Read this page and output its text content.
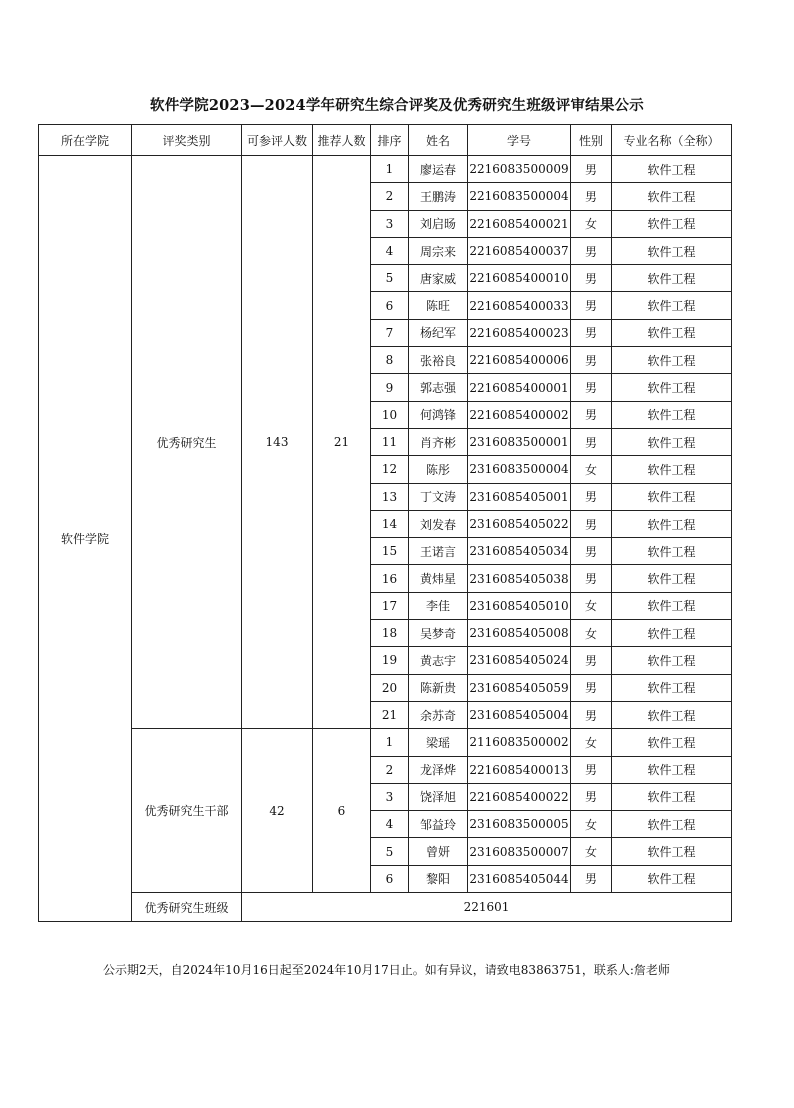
软件学院2023—2024学年研究生综合评奖及优秀研究生班级评审结果公示
所在学院	评奖类别	可参评人数	推荐人数	排序	姓名	学号	性别	专业名称（全称）
软件学院	优秀研究生	143	21	1	廖运春	2216083500009	男	软件工程
				2	王鹏涛	2216083500004	男	软件工程
				3	刘启旸	2216085400021	女	软件工程
				4	周宗来	2216085400037	男	软件工程
				5	唐家威	2216085400010	男	软件工程
				6	陈旺	2216085400033	男	软件工程
				7	杨纪军	2216085400023	男	软件工程
				8	张裕良	2216085400006	男	软件工程
				9	郭志强	2216085400001	男	软件工程
				10	何鸿锋	2216085400002	男	软件工程
				11	肖齐彬	2316083500001	男	软件工程
				12	陈彤	2316083500004	女	软件工程
				13	丁文涛	2316085405001	男	软件工程
				14	刘发春	2316085405022	男	软件工程
				15	王诺言	2316085405034	男	软件工程
				16	黄炜星	2316085405038	男	软件工程
				17	李佳	2316085405010	女	软件工程
				18	吴梦奇	2316085405008	女	软件工程
				19	黄志宇	2316085405024	男	软件工程
				20	陈新贵	2316085405059	男	软件工程
				21	余苏奇	2316085405004	男	软件工程
	优秀研究生干部	42	6	1	梁瑶	2116083500002	女	软件工程
				2	龙泽烨	2216085400013	男	软件工程
				3	饶泽旭	2216085400022	男	软件工程
				4	邹益玲	2316083500005	女	软件工程
				5	曾妍	2316083500007	女	软件工程
				6	黎阳	2316085405044	男	软件工程
	优秀研究生班级	221601						
公示期2天，自2024年10月16日起至2024年10月17日止。如有异议，请致电83863751，联系人:詹老师
